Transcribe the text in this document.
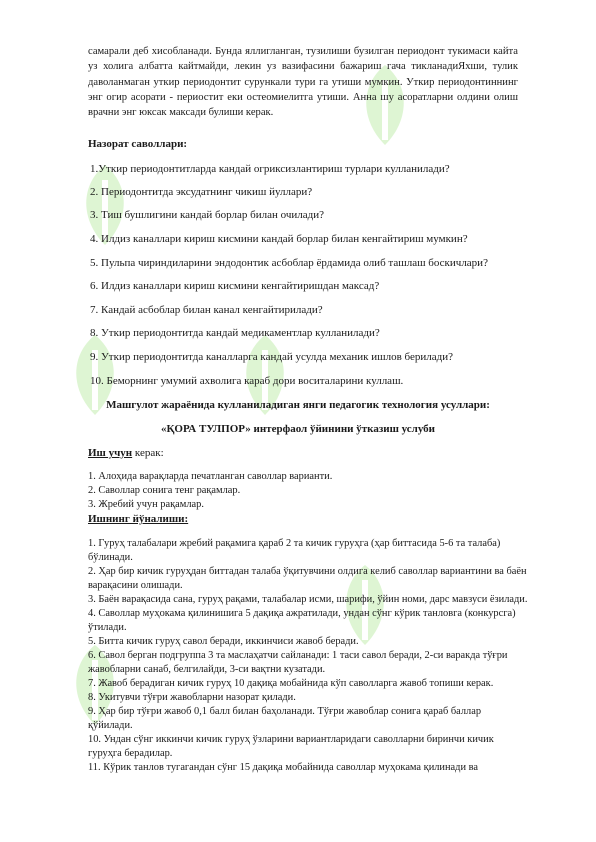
самарали деб хисобланади. Бунда яллигланган, тузилиши бузилган периодонт тукимаси кайта уз холига албатта кайтмайди, лекин уз вазифасини бажариш гача тикланадиЯхши, тулик даволанмаган уткир периодонтит сурункали тури га утиши мумкин. Уткир периодонтиннинг энг огир асорати - периостит еки остеомиелитга утиши. Анна шу асоратларни олдини олиш врачни энг юксак максади булиши керак.
Назорат саволлари:
1.Уткир периодонтитларда кандай огриксизлантириш турлари кулланилади?
2. Периодонтитда эксудатнинг чикиш йуллари?
3. Тиш бушлигини кандай борлар билан очилади?
4. Илдиз каналлари кириш кисмини кандай борлар билан кенгайтириш мумкин?
5. Пульпа чириндиларини эндодонтик асбоблар ёрдамида олиб ташлаш боскичлари?
6. Илдиз каналлари кириш кисмини кенгайтиришдан максад?
7. Кандай асбоблар билан канал кенгайтирилади?
8. Уткир периодонтитда кандай медикаментлар кулланилади?
9. Уткир периодонтитда каналларга кандай усулда механик ишлов берилади?
10. Беморнинг умумий ахволига караб дори воситаларини куллаш.
Машгулот жараёнида кулланиладиган янги педагогик технология усуллари:
«ҚОРА ТУЛПОР» интерфаол ўйинини ўтказиш услуби
Иш учун керак:
1. Алоҳида варақларда печатланган саволлар варианти.
2. Саволлар сонига тенг рақамлар.
3. Жребий учун рақамлар.
Ишнинг йўналиши:
1. Гуруҳ талабалари жребий рақамига қараб 2 та кичик гуруҳга (ҳар биттасида 5-6 та талаба) бўлинади.
2. Ҳар бир кичик гуруҳдан биттадан талаба ўқитувчини олдига келиб саволлар вариантини ва баён варақасини олишади.
3. Баён варақасида сана, гуруҳ рақами, талабалар исми, шарифи, ўйин номи, дарс мавзуси ёзилади.
4. Саволлар муҳокама қилинишига 5 дақиқа ажратилади, ундан сўнг кўрик танловга (конкурсга) ўтилади.
5. Битта кичик гуруҳ савол беради, иккинчиси жавоб беради.
6. Савол берган подгруппа 3 та маслаҳатчи сайланади: 1 таси савол беради, 2-си варакда тўғри жавобларни санаб, белгилайди, 3-си вақтни кузатади.
7. Жавоб берадиган кичик гуруҳ 10 дақиқа мобайнида кўп саволларга жавоб топиши керак.
8. Укитувчи тўғри жавобларни назорат қилади.
9. Ҳар бир тўғри жавоб 0,1 балл билан баҳоланади. Тўғри жавоблар сонига қараб баллар қўйилади.
10. Ундан сўнг иккинчи кичик гуруҳ ўзларини вариантларидаги саволларни биринчи кичик гуруҳга берадилар.
11. Кўрик танлов тугагандан сўнг 15 дақиқа мобайнида саволлар муҳокама қилинади ва
